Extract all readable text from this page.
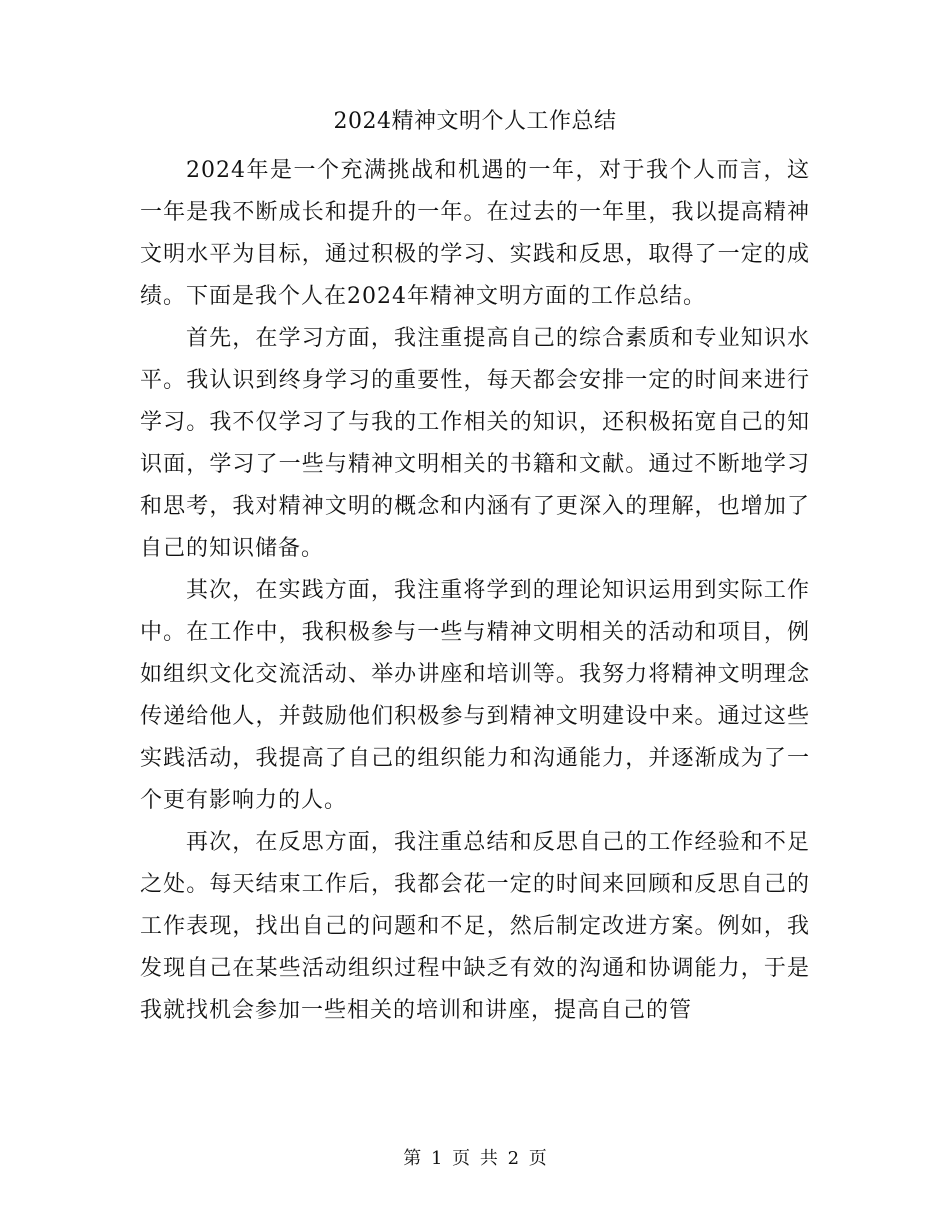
2024精神文明个人工作总结

2024年是一个充满挑战和机遇的一年，对于我个人而言，这一年是我不断成长和提升的一年。在过去的一年里，我以提高精神文明水平为目标，通过积极的学习、实践和反思，取得了一定的成绩。下面是我个人在2024年精神文明方面的工作总结。

首先，在学习方面，我注重提高自己的综合素质和专业知识水平。我认识到终身学习的重要性，每天都会安排一定的时间来进行学习。我不仅学习了与我的工作相关的知识，还积极拓宽自己的知识面，学习了一些与精神文明相关的书籍和文献。通过不断地学习和思考，我对精神文明的概念和内涵有了更深入的理解，也增加了自己的知识储备。

其次，在实践方面，我注重将学到的理论知识运用到实际工作中。在工作中，我积极参与一些与精神文明相关的活动和项目，例如组织文化交流活动、举办讲座和培训等。我努力将精神文明理念传递给他人，并鼓励他们积极参与到精神文明建设中来。通过这些实践活动，我提高了自己的组织能力和沟通能力，并逐渐成为了一个更有影响力的人。

再次，在反思方面，我注重总结和反思自己的工作经验和不足之处。每天结束工作后，我都会花一定的时间来回顾和反思自己的工作表现，找出自己的问题和不足，然后制定改进方案。例如，我发现自己在某些活动组织过程中缺乏有效的沟通和协调能力，于是我就找机会参加一些相关的培训和讲座，提高自己的管

第 1 页 共 2 页
